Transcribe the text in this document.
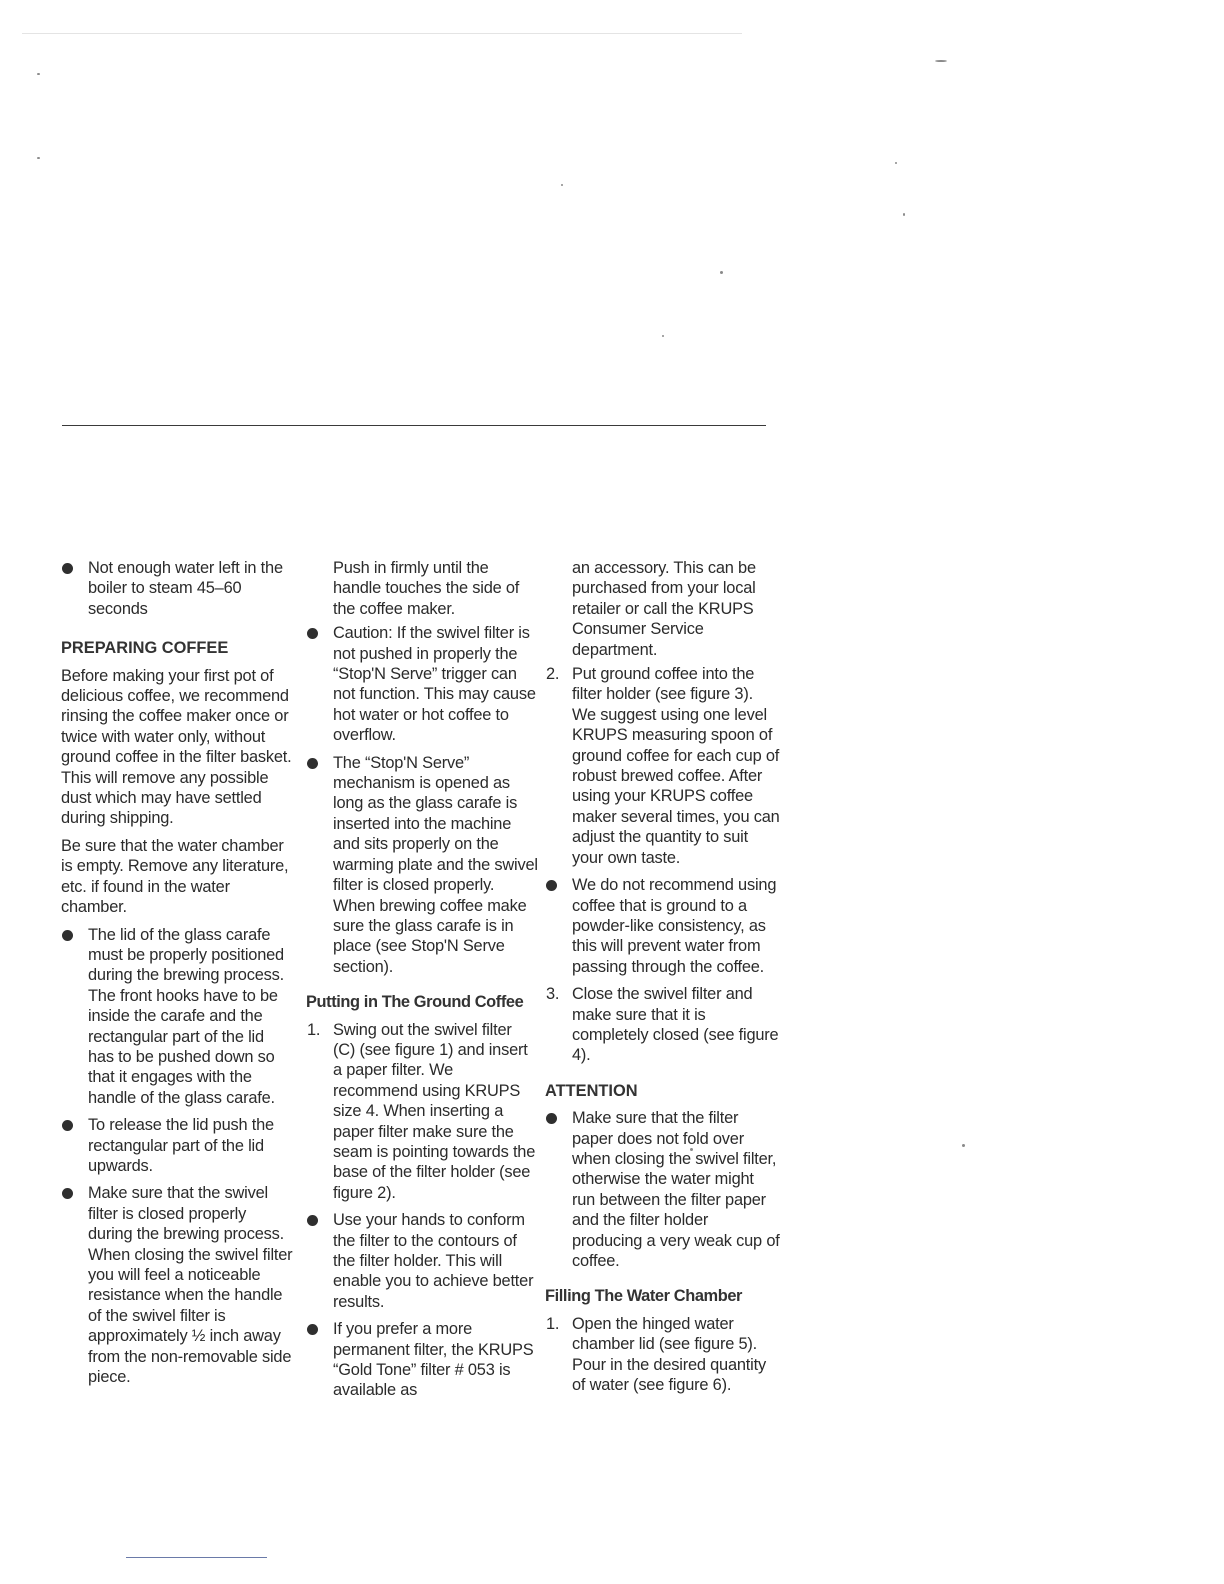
Not enough water left in the boiler to steam 45–60 seconds
PREPARING COFFEE

Before making your first pot of delicious coffee, we recommend rinsing the coffee maker once or twice with water only, without ground coffee in the filter basket. This will remove any possible dust which may have settled during shipping.

Be sure that the water chamber is empty. Remove any literature, etc. if found in the water chamber.

The lid of the glass carafe must be properly positioned during the brewing process. The front hooks have to be inside the carafe and the rectangular part of the lid has to be pushed down so that it engages with the handle of the glass carafe.
To release the lid push the rectangular part of the lid upwards.
Make sure that the swivel filter is closed properly during the brewing process. When closing the swivel filter you will feel a noticeable resistance when the handle of the swivel filter is approximately ½ inch away from the non-removable side piece.
Push in firmly until the handle touches the side of the coffee maker.
Caution: If the swivel filter is not pushed in properly the “Stop'N Serve” trigger can not function. This may cause hot water or hot coffee to overflow.
The “Stop'N Serve” mechanism is opened as long as the glass carafe is inserted into the machine and sits properly on the warming plate and the swivel filter is closed properly. When brewing coffee make sure the glass carafe is in place (see Stop'N Serve section).
Putting in The Ground Coffee
1. Swing out the swivel filter (C) (see figure 1) and insert a paper filter. We recommend using KRUPS size 4. When inserting a paper filter make sure the seam is pointing towards the base of the filter holder (see figure 2).
Use your hands to conform the filter to the contours of the filter holder. This will enable you to achieve better results.
If you prefer a more permanent filter, the KRUPS “Gold Tone” filter # 053 is available as
an accessory. This can be purchased from your local retailer or call the KRUPS Consumer Service department.
2. Put ground coffee into the filter holder (see figure 3). We suggest using one level KRUPS measuring spoon of ground coffee for each cup of robust brewed coffee. After using your KRUPS coffee maker several times, you can adjust the quantity to suit your own taste.
We do not recommend using coffee that is ground to a powder-like consistency, as this will prevent water from passing through the coffee.
3. Close the swivel filter and make sure that it is completely closed (see figure 4).
ATTENTION
Make sure that the filter paper does not fold over when closing the swivel filter, otherwise the water might run between the filter paper and the filter holder producing a very weak cup of coffee.
Filling The Water Chamber
1. Open the hinged water chamber lid (see figure 5). Pour in the desired quantity of water (see figure 6).
